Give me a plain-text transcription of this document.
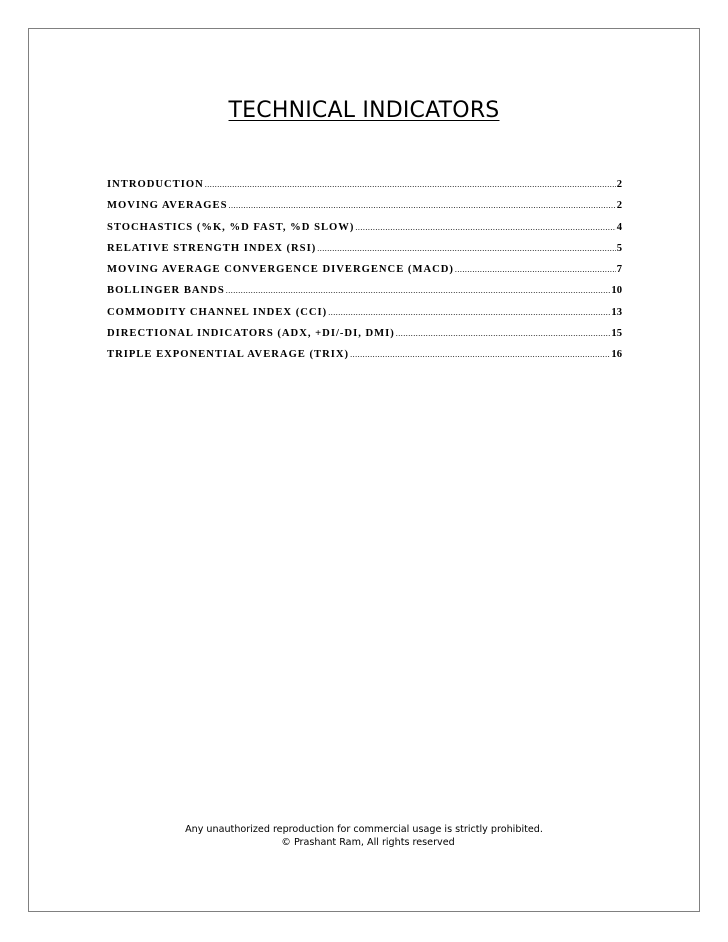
TECHNICAL INDICATORS
INTRODUCTION .....	2
MOVING AVERAGES .....	2
STOCHASTICS (%K, %D FAST, %D SLOW) .....	4
RELATIVE STRENGTH INDEX (RSI) .....	5
MOVING AVERAGE CONVERGENCE DIVERGENCE (MACD) .....	7
BOLLINGER BANDS .....	10
COMMODITY CHANNEL INDEX (CCI) .....	13
DIRECTIONAL INDICATORS (ADX, +DI/-DI, DMI) .....	15
TRIPLE EXPONENTIAL AVERAGE (TRIX) .....	16
Any unauthorized reproduction for commercial usage is strictly prohibited.
© Prashant Ram, All rights reserved
